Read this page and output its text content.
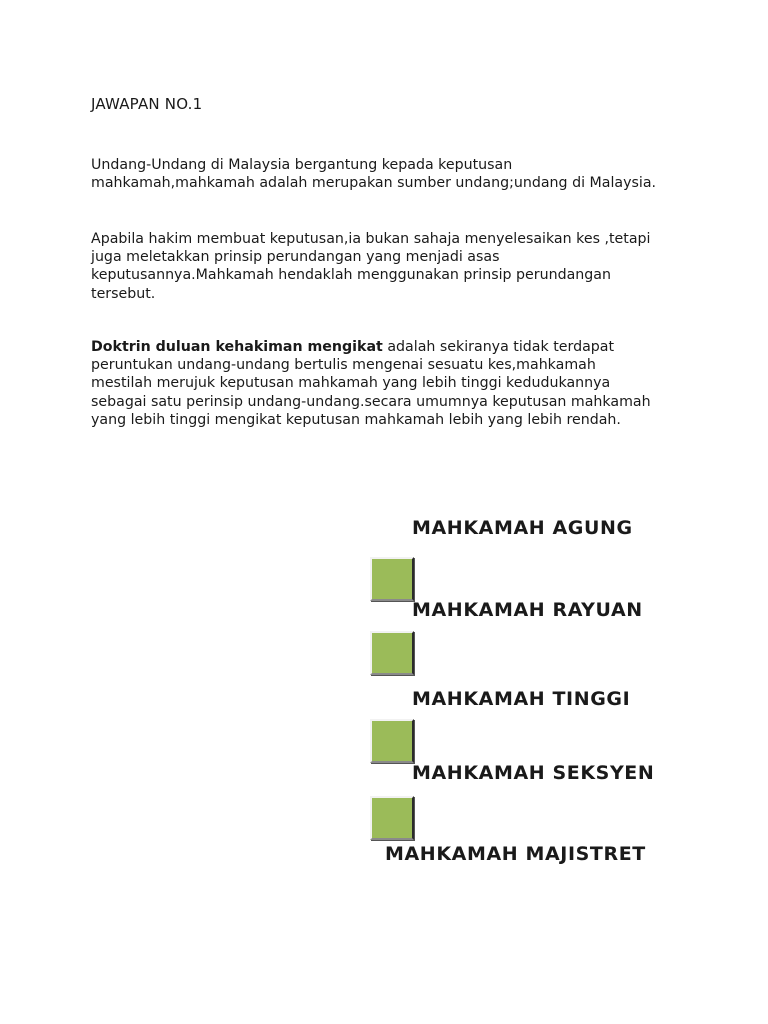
JAWAPAN NO.1

Undang-Undang di Malaysia bergantung kepada keputusan mahkamah,mahkamah adalah merupakan sumber undang;undang di Malaysia.

Apabila hakim membuat keputusan,ia bukan sahaja menyelesaikan kes ,tetapi juga meletakkan prinsip perundangan yang menjadi asas keputusannya.Mahkamah hendaklah menggunakan prinsip perundangan tersebut.

Doktrin duluan kehakiman mengikat adalah sekiranya tidak terdapat peruntukan undang-undang bertulis mengenai sesuatu kes,mahkamah mestilah merujuk keputusan mahkamah yang lebih tinggi kedudukannya sebagai satu perinsip undang-undang.secara umumnya keputusan mahkamah yang lebih tinggi mengikat keputusan mahkamah lebih yang lebih rendah.

MAHKAMAH AGUNG
MAHKAMAH RAYUAN
MAHKAMAH TINGGI
MAHKAMAH SEKSYEN
MAHKAMAH MAJISTRET
